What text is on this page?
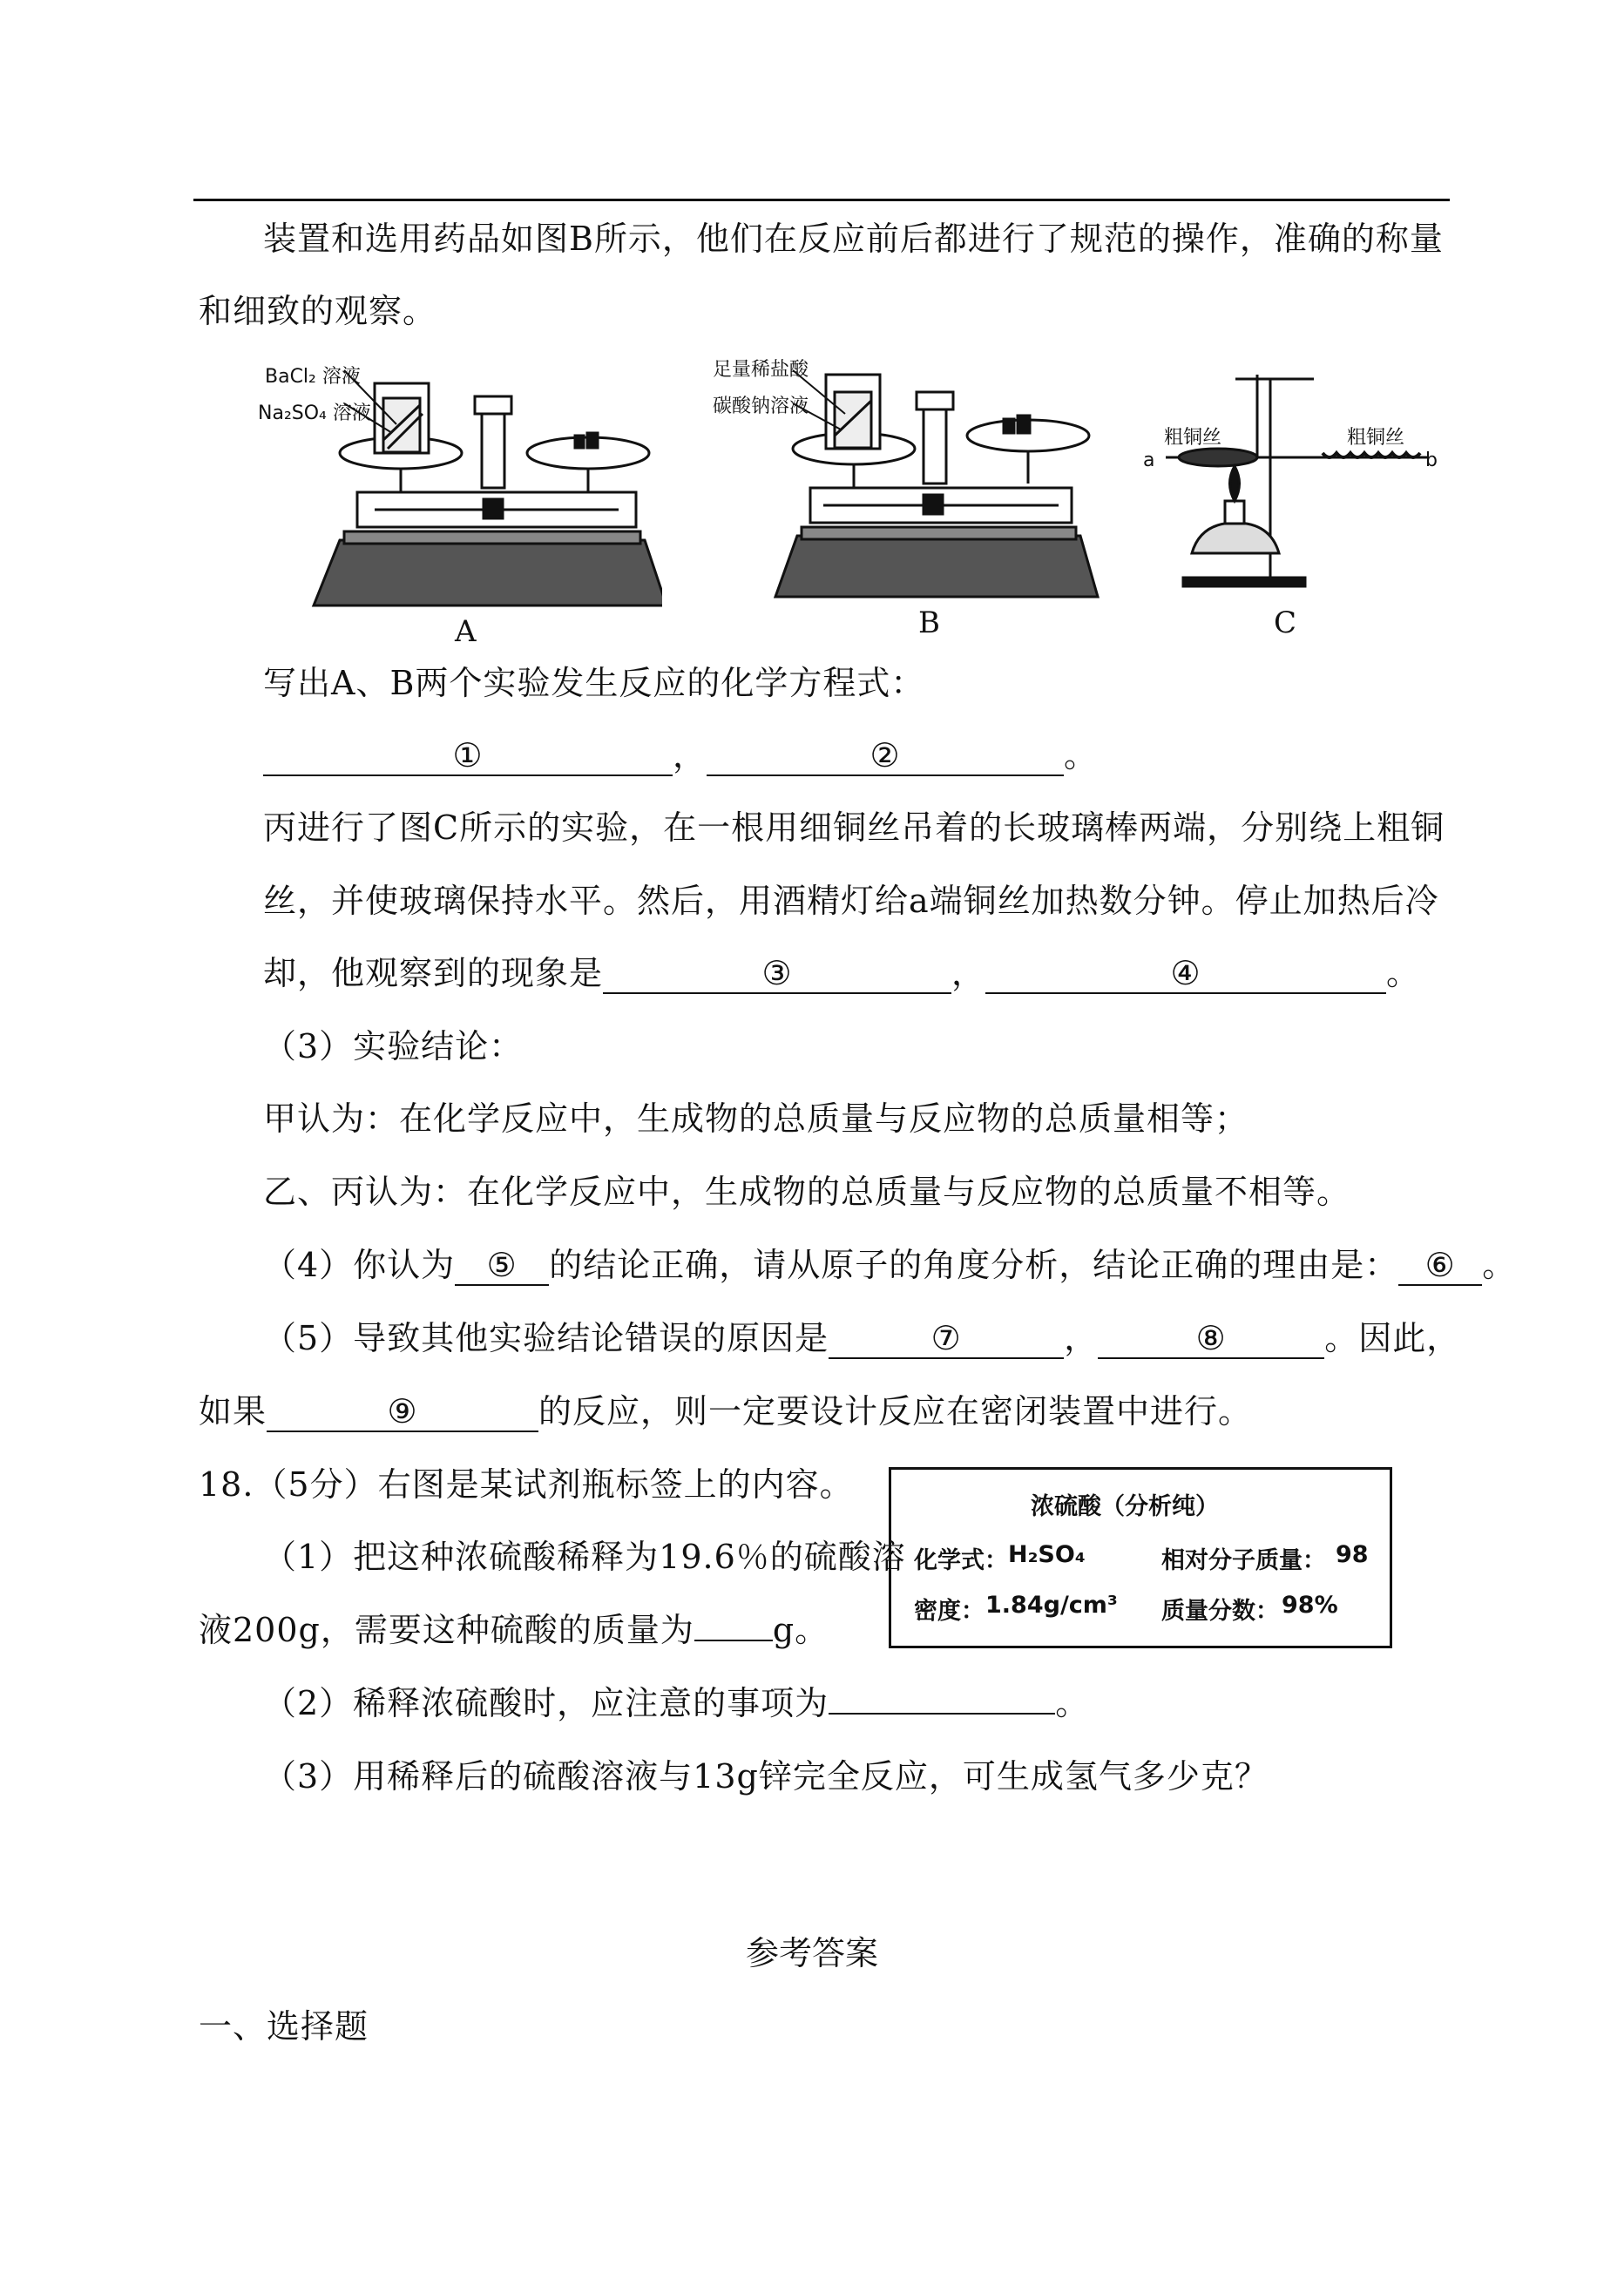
装置和选用药品如图B所示，他们在反应前后都进行了规范的操作，准确的称量
和细致的观察。
BaCl₂ 溶液
Na₂SO₄ 溶液
A
足量稀盐酸
碳酸钠溶液
B
粗铜丝	粗铜丝
a	b
C
写出A、B两个实验发生反应的化学方程式：
①	，	②	。
丙进行了图C所示的实验，在一根用细铜丝吊着的长玻璃棒两端，分别绕上粗铜
丝，并使玻璃保持水平。然后，用酒精灯给a端铜丝加热数分钟。停止加热后冷
却，他观察到的现象是	③	，	④	。
（3）实验结论：
甲认为：在化学反应中，生成物的总质量与反应物的总质量相等；
乙、丙认为：在化学反应中，生成物的总质量与反应物的总质量不相等。
（4）你认为 ⑤ 的结论正确，请从原子的角度分析，结论正确的理由是： ⑥ 。
（5）导致其他实验结论错误的原因是	⑦	，	⑧	。因此，
如果	⑨	的反应，则一定要设计反应在密闭装置中进行。
18.（5分）右图是某试剂瓶标签上的内容。
（1）把这种浓硫酸稀释为19.6％的硫酸溶
液200g，需要这种硫酸的质量为 g。
（2）稀释浓硫酸时，应注意的事项为	。
（3）用稀释后的硫酸溶液与13g锌完全反应，可生成氢气多少克？
浓硫酸（分析纯）
化学式： H₂SO₄	相对分子质量： 98
密度： 1.84g/cm³ 质量分数： 98%
参考答案
一、选择题
